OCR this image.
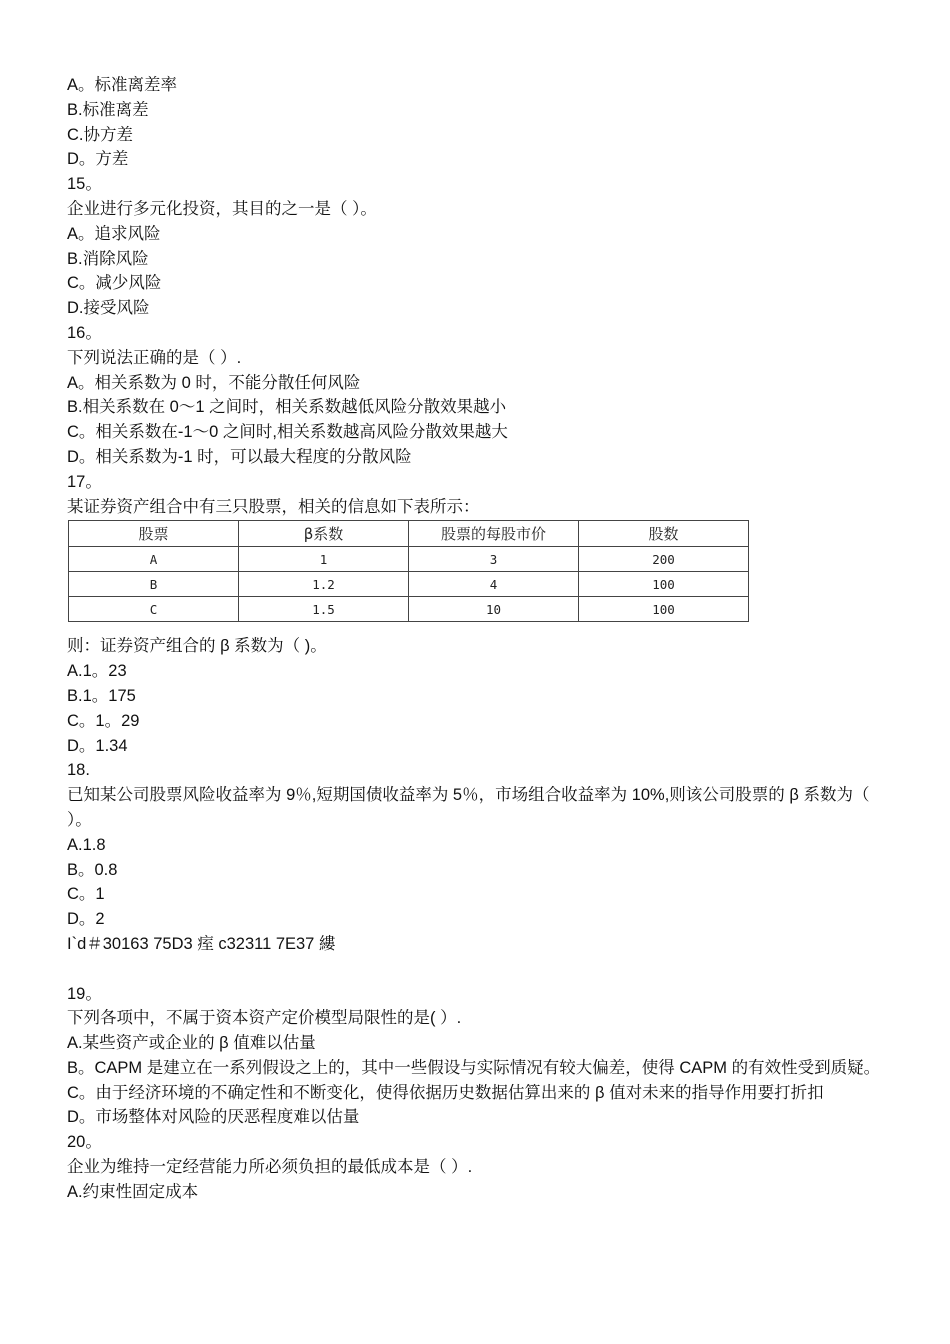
A。标准离差率
B.标准离差
C.协方差
D。方差
15。
企业进行多元化投资，其目的之一是（ ）。
A。追求风险
B.消除风险
C。减少风险
D.接受风险
16。
下列说法正确的是（ ）.
A。相关系数为 0 时，不能分散任何风险
B.相关系数在 0～1 之间时，相关系数越低风险分散效果越小
C。相关系数在-1～0 之间时,相关系数越高风险分散效果越大
D。相关系数为-1 时，可以最大程度的分散风险
17。
某证券资产组合中有三只股票，相关的信息如下表所示：
股票	β系数	股票的每股市价	股数
A	1	3	200
B	1.2	4	100
C	1.5	10	100
则：证券资产组合的 β 系数为（ )。
A.1。23
B.1。175
C。1。29
D。1.34
18.
已知某公司股票风险收益率为 9％,短期国债收益率为 5％，市场组合收益率为 10%,则该公司股票的 β 系数为（ ）。
A.1.8
B。0.8
C。1
D。2
I`d＃30163 75D3 痓 c32311 7E37 縷
19。
下列各项中，不属于资本资产定价模型局限性的是( ）.
A.某些资产或企业的 β 值难以估量
B。CAPM 是建立在一系列假设之上的，其中一些假设与实际情况有较大偏差，使得 CAPM 的有效性受到质疑。
C。由于经济环境的不确定性和不断变化，使得依据历史数据估算出来的 β 值对未来的指导作用要打折扣
D。市场整体对风险的厌恶程度难以估量
20。
企业为维持一定经营能力所必须负担的最低成本是（ ）.
A.约束性固定成本
